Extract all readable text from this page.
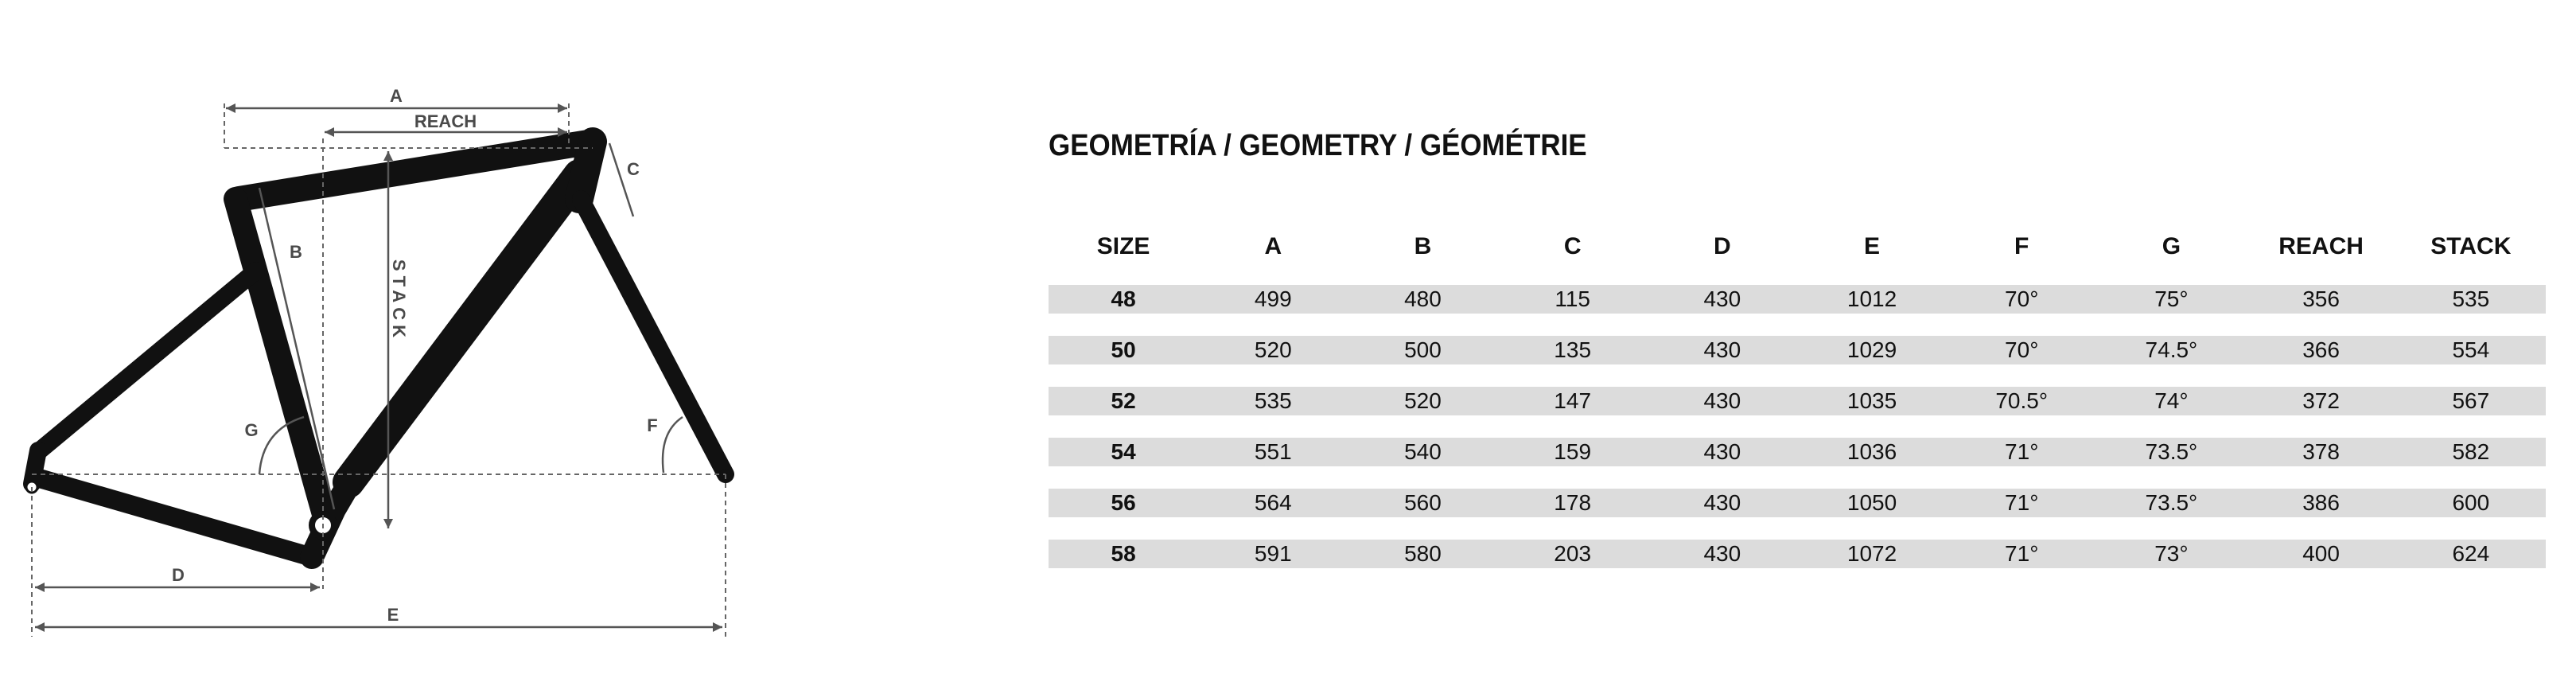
A
REACH
B
C
STACK
G	F
D
E
GEOMETRÍA / GEOMETRY / GÉOMÉTRIE
SIZE	A	B	C	D	E	F	G	REACH	STACK
48	499	480	115	430	1012	70°	75°	356	535
50	520	500	135	430	1029	70°	74.5°	366	554
52	535	520	147	430	1035	70.5°	74°	372	567
54	551	540	159	430	1036	71°	73.5°	378	582
56	564	560	178	430	1050	71°	73.5°	386	600
58	591	580	203	430	1072	71°	73°	400	624
